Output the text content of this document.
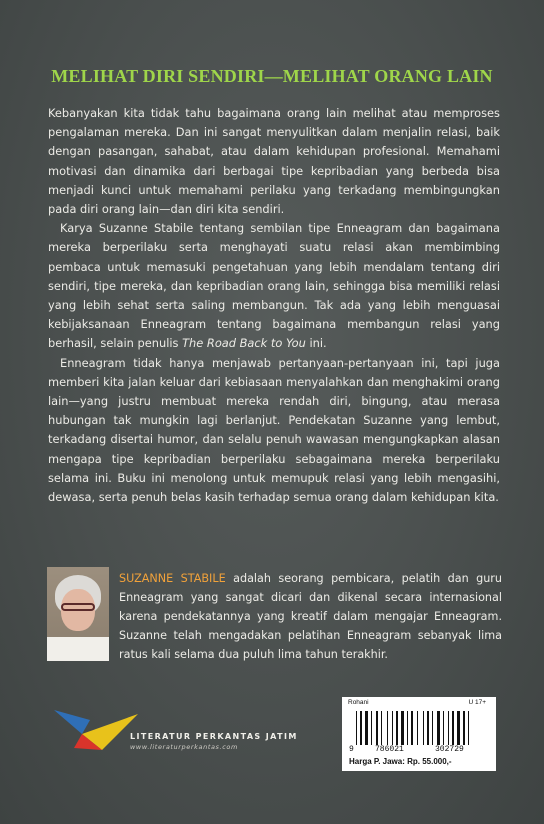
MELIHAT DIRI SENDIRI—MELIHAT ORANG LAIN

Kebanyakan kita tidak tahu bagaimana orang lain melihat atau memproses pengalaman mereka. Dan ini sangat menyulitkan dalam menjalin relasi, baik dengan pasangan, sahabat, atau dalam kehidupan profesional. Memahami motivasi dan dinamika dari berbagai tipe kepribadian yang berbeda bisa menjadi kunci untuk memahami perilaku yang terkadang membingungkan pada diri orang lain—dan diri kita sendiri.

Karya Suzanne Stabile tentang sembilan tipe Enneagram dan bagaimana mereka berperilaku serta menghayati suatu relasi akan membimbing pembaca untuk memasuki pengetahuan yang lebih mendalam tentang diri sendiri, tipe mereka, dan kepribadian orang lain, sehingga bisa memiliki relasi yang lebih sehat serta saling membangun. Tak ada yang lebih menguasai kebijaksanaan Enneagram tentang bagaimana membangun relasi yang berhasil, selain penulis The Road Back to You ini.

Enneagram tidak hanya menjawab pertanyaan-pertanyaan ini, tapi juga memberi kita jalan keluar dari kebiasaan menyalahkan dan menghakimi orang lain—yang justru membuat mereka rendah diri, bingung, atau merasa hubungan tak mungkin lagi berlanjut. Pendekatan Suzanne yang lembut, terkadang disertai humor, dan selalu penuh wawasan mengungkapkan alasan mengapa tipe kepribadian berperilaku sebagaimana mereka berperilaku selama ini. Buku ini menolong untuk memupuk relasi yang lebih mengasihi, dewasa, serta penuh belas kasih terhadap semua orang dalam kehidupan kita.

SUZANNE STABILE adalah seorang pembicara, pelatih dan guru Enneagram yang sangat dicari dan dikenal secara internasional karena pendekatannya yang kreatif dalam mengajar Enneagram. Suzanne telah mengadakan pelatihan Enneagram sebanyak lima ratus kali selama dua puluh lima tahun terakhir.

LITERATUR PERKANTAS JATIM
www.literaturperkantas.com
Rohani	U 17+
9	786021	302729
Harga P. Jawa: Rp. 55.000,-
